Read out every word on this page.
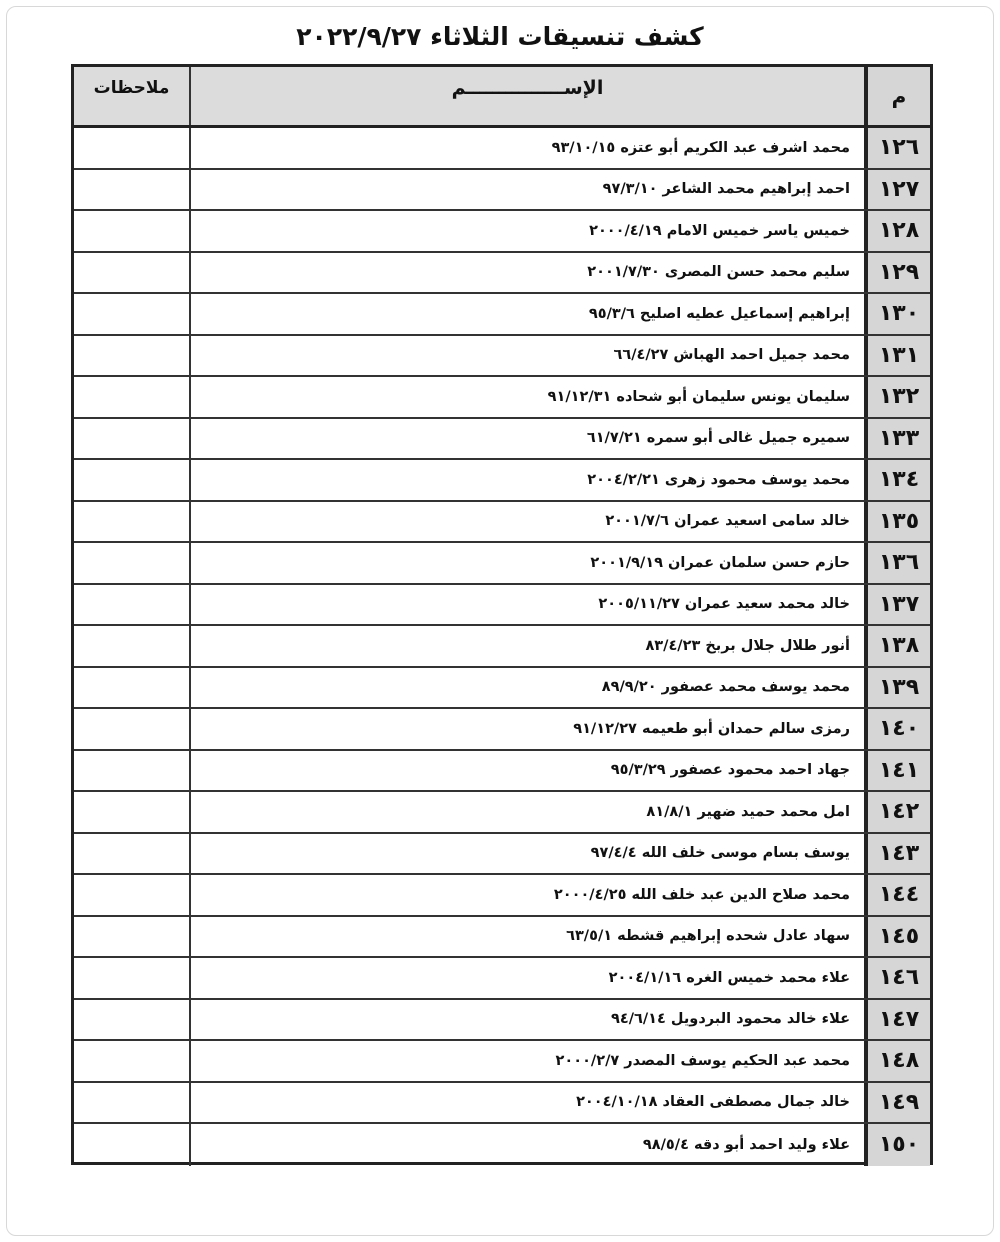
كشف تنسيقات الثلاثاء ٢٠٢٢/٩/٢٧
م
الإســـــــــــــــم
ملاحظات
١٢٦
محمد اشرف عبد الكريم أبو عتزه ٩٣/١٠/١٥
١٢٧
احمد إبراهيم محمد الشاعر ٩٧/٣/١٠
١٢٨
خميس ياسر خميس الامام ٢٠٠٠/٤/١٩
١٢٩
سليم محمد حسن المصرى ٢٠٠١/٧/٣٠
١٣٠
إبراهيم إسماعيل عطيه اصليح ٩٥/٣/٦
١٣١
محمد جميل احمد الهباش ٦٦/٤/٢٧
١٣٢
سليمان يونس سليمان أبو شحاده ٩١/١٢/٣١
١٣٣
سميره جميل غالى أبو سمره ٦١/٧/٢١
١٣٤
محمد يوسف محمود زهرى ٢٠٠٤/٢/٢١
١٣٥
خالد سامى اسعيد عمران ٢٠٠١/٧/٦
١٣٦
حازم حسن سلمان عمران ٢٠٠١/٩/١٩
١٣٧
خالد محمد سعيد عمران ٢٠٠٥/١١/٢٧
١٣٨
أنور طلال جلال بربخ ٨٣/٤/٢٣
١٣٩
محمد يوسف محمد عصفور ٨٩/٩/٢٠
١٤٠
رمزى سالم حمدان أبو طعيمه ٩١/١٢/٢٧
١٤١
جهاد احمد محمود عصفور ٩٥/٣/٢٩
١٤٢
امل محمد حميد ضهير ٨١/٨/١
١٤٣
يوسف بسام موسى خلف الله ٩٧/٤/٤
١٤٤
محمد صلاح الدين عبد خلف الله ٢٠٠٠/٤/٢٥
١٤٥
سهاد عادل شحده إبراهيم قشطه ٦٣/٥/١
١٤٦
علاء محمد خميس الغره ٢٠٠٤/١/١٦
١٤٧
علاء خالد محمود البردويل ٩٤/٦/١٤
١٤٨
محمد عبد الحكيم يوسف المصدر ٢٠٠٠/٢/٧
١٤٩
خالد جمال مصطفى العقاد ٢٠٠٤/١٠/١٨
١٥٠
علاء وليد احمد أبو دقه ٩٨/٥/٤
